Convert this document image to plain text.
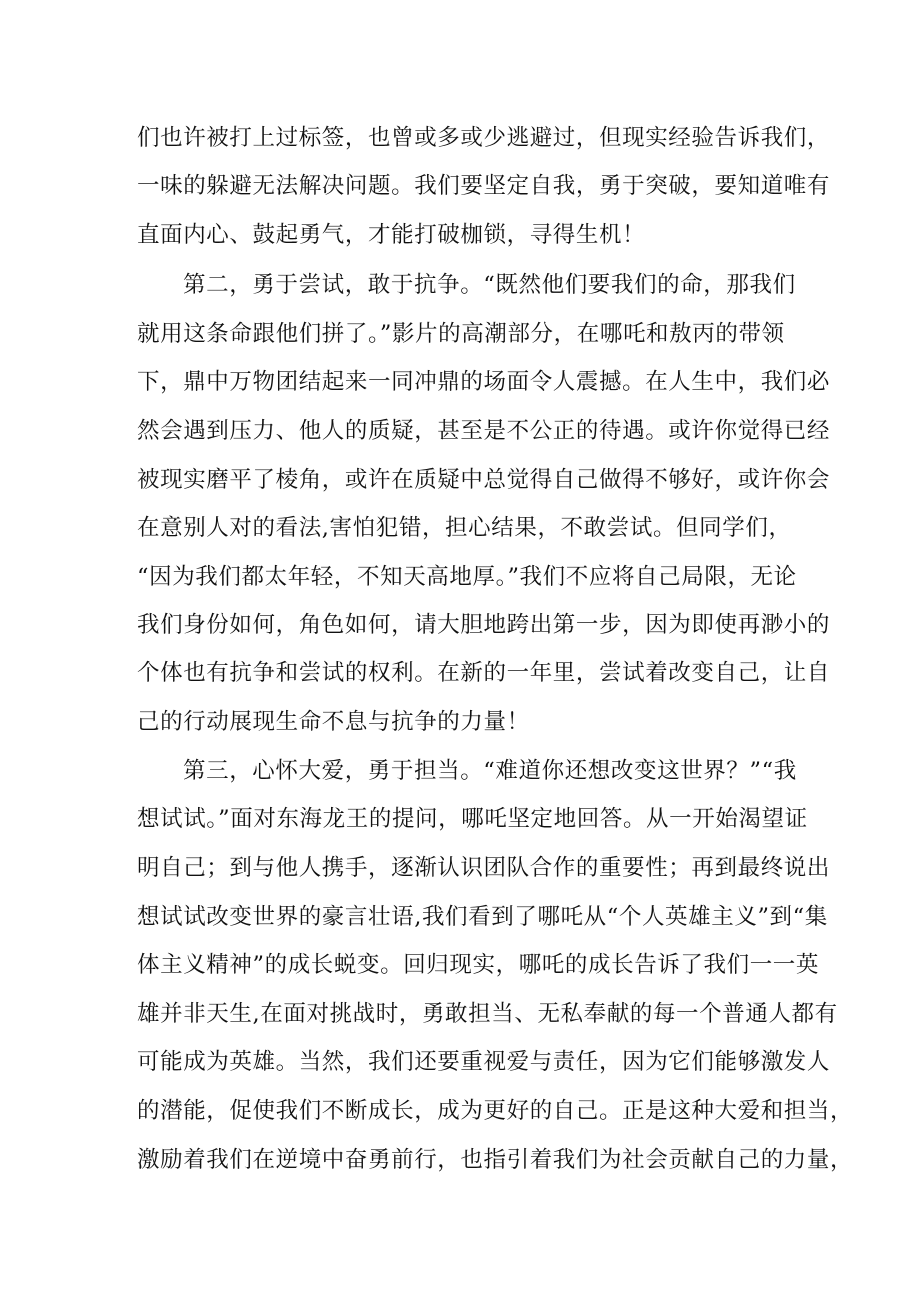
们也许被打上过标签，也曾或多或少逃避过，但现实经验告诉我们，
一味的躲避无法解决问题。我们要坚定自我，勇于突破，要知道唯有
直面内心、鼓起勇气，才能打破枷锁，寻得生机！
第二，勇于尝试，敢于抗争。“既然他们要我们的命，那我们
就用这条命跟他们拼了。”影片的高潮部分，在哪吒和敖丙的带领
下，鼎中万物团结起来一同冲鼎的场面令人震撼。在人生中，我们必
然会遇到压力、他人的质疑，甚至是不公正的待遇。或许你觉得已经
被现实磨平了棱角，或许在质疑中总觉得自己做得不够好，或许你会
在意别人对的看法,害怕犯错，担心结果，不敢尝试。但同学们，
“因为我们都太年轻，不知天高地厚。”我们不应将自己局限，无论
我们身份如何，角色如何，请大胆地跨出第一步，因为即使再渺小的
个体也有抗争和尝试的权利。在新的一年里，尝试着改变自己，让自
己的行动展现生命不息与抗争的力量！
第三，心怀大爱，勇于担当。“难道你还想改变这世界？”“我
想试试。”面对东海龙王的提问，哪吒坚定地回答。从一开始渴望证
明自己；到与他人携手，逐渐认识团队合作的重要性；再到最终说出
想试试改变世界的豪言壮语,我们看到了哪吒从“个人英雄主义”到“集
体主义精神”的成长蜕变。回归现实，哪吒的成长告诉了我们一一英
雄并非天生,在面对挑战时，勇敢担当、无私奉献的每一个普通人都有
可能成为英雄。当然，我们还要重视爱与责任，因为它们能够激发人
的潜能，促使我们不断成长，成为更好的自己。正是这种大爱和担当，
激励着我们在逆境中奋勇前行，也指引着我们为社会贡献自己的力量，
